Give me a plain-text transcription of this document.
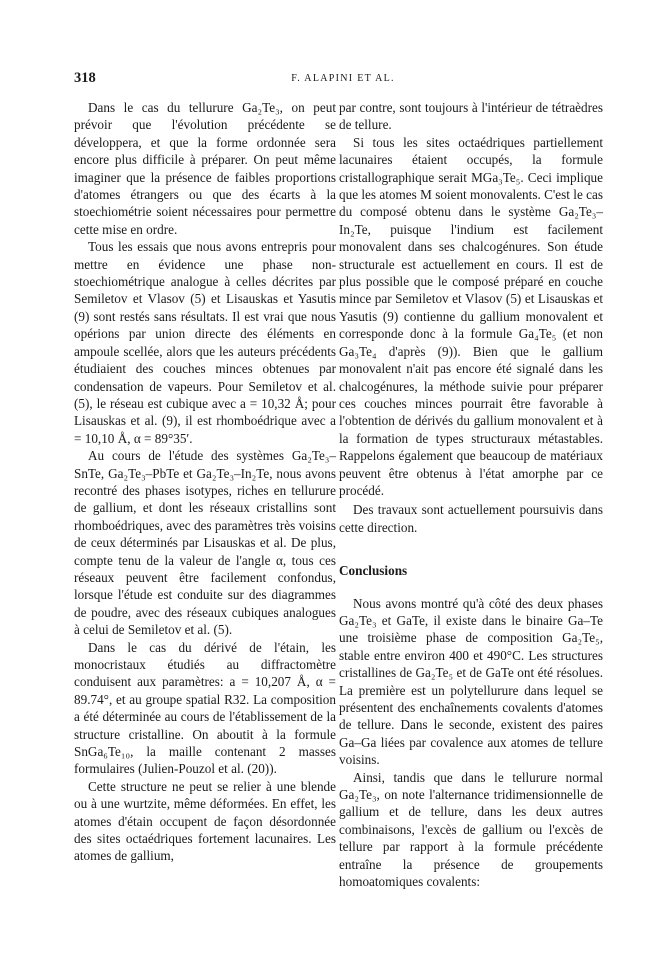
318	F. ALAPINI ET AL.

Dans le cas du tellurure Ga₂Te₃, on peut prévoir que l'évolution précédente se développera, et que la forme ordonnée sera encore plus difficile à préparer. On peut même imaginer que la présence de faibles proportions d'atomes étrangers ou que des écarts à la stoechiométrie soient nécessaires pour permettre cette mise en ordre.

Tous les essais que nous avons entrepris pour mettre en évidence une phase non-stoechiométrique analogue à celles décrites par Semiletov et Vlasov (5) et Lisauskas et Yasutis (9) sont restés sans résultats. Il est vrai que nous opérions par union directe des éléments en ampoule scellée, alors que les auteurs précédents étudiaient des couches minces obtenues par condensation de vapeurs. Pour Semiletov et al. (5), le réseau est cubique avec a = 10,32 Å; pour Lisauskas et al. (9), il est rhomboédrique avec a = 10,10 Å, α = 89°35′.

Au cours de l'étude des systèmes Ga₂Te₃–SnTe, Ga₂Te₃–PbTe et Ga₂Te₃–In₂Te, nous avons recontré des phases isotypes, riches en tellurure de gallium, et dont les réseaux cristallins sont rhomboédriques, avec des paramètres très voisins de ceux déterminés par Lisauskas et al. De plus, compte tenu de la valeur de l'angle α, tous ces réseaux peuvent être facilement confondus, lorsque l'étude est conduite sur des diagrammes de poudre, avec des réseaux cubiques analogues à celui de Semiletov et al. (5).

Dans le cas du dérivé de l'étain, les monocristaux étudiés au diffractomètre conduisent aux paramètres: a = 10,207 Å, α = 89.74°, et au groupe spatial R32. La composition a été déterminée au cours de l'établissement de la structure cristalline. On aboutit à la formule SnGa₆Te₁₀, la maille contenant 2 masses formulaires (Julien-Pouzol et al. (20)).

Cette structure ne peut se relier à une blende ou à une wurtzite, même déformées. En effet, les atomes d'étain occupent de façon désordonnée des sites octaédriques fortement lacunaires. Les atomes de gallium,

par contre, sont toujours à l'intérieur de tétraèdres de tellure.

Si tous les sites octaédriques partiellement lacunaires étaient occupés, la formule cristallographique serait MGa₃Te₅. Ceci implique que les atomes M soient monovalents. C'est le cas du composé obtenu dans le système Ga₂Te₃–In₂Te, puisque l'indium est facilement monovalent dans ses chalcogénures. Son étude structurale est actuellement en cours. Il est de plus possible que le composé préparé en couche mince par Semiletov et Vlasov (5) et Lisauskas et Yasutis (9) contienne du gallium monovalent et corresponde donc à la formule Ga₄Te₅ (et non Ga₃Te₄ d'après (9)). Bien que le gallium monovalent n'ait pas encore été signalé dans les chalcogénures, la méthode suivie pour préparer ces couches minces pourrait être favorable à l'obtention de dérivés du gallium monovalent et à la formation de types structuraux métastables. Rappelons également que beaucoup de matériaux peuvent être obtenus à l'état amorphe par ce procédé.

Des travaux sont actuellement poursuivis dans cette direction.

Conclusions

Nous avons montré qu'à côté des deux phases Ga₂Te₃ et GaTe, il existe dans le binaire Ga–Te une troisième phase de composition Ga₂Te₅, stable entre environ 400 et 490°C. Les structures cristallines de Ga₂Te₅ et de GaTe ont été résolues. La première est un polytellurure dans lequel se présentent des enchaînements covalents d'atomes de tellure. Dans le seconde, existent des paires Ga–Ga liées par covalence aux atomes de tellure voisins.

Ainsi, tandis que dans le tellurure normal Ga₂Te₃, on note l'alternance tridimensionnelle de gallium et de tellure, dans les deux autres combinaisons, l'excès de gallium ou l'excès de tellure par rapport à la formule précédente entraîne la présence de groupements homoatomiques covalents:
